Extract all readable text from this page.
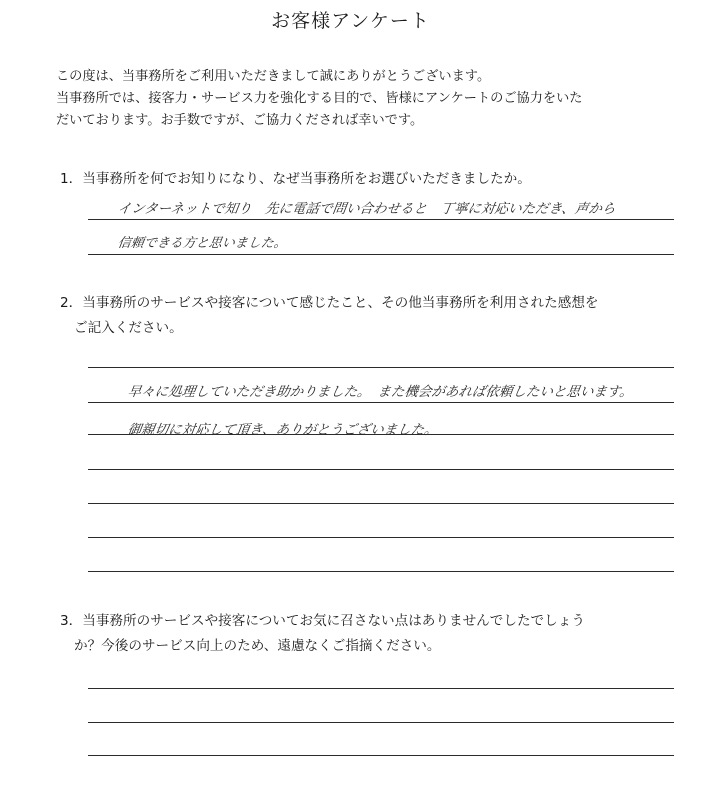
お客様アンケート
この度は、当事務所をご利用いただきまして誠にありがとうございます。
当事務所では、接客力・サービス力を強化する目的で、皆様にアンケートのご協力をいた
だいております。お手数ですが、ご協力くだされば幸いです。
1．当事務所を何でお知りになり、なぜ当事務所をお選びいただきましたか。
インターネットで知り　先に電話で問い合わせると　丁寧に対応いただき、声から
信頼できる方と思いました。
2．当事務所のサービスや接客について感じたこと、その他当事務所を利用された感想を
ご記入ください。
早々に処理していただき助かりました。　また機会があれば依頼したいと思います。
御親切に対応して頂き、ありがとうございました。
3．当事務所のサービスや接客についてお気に召さない点はありませんでしたでしょう
か？今後のサービス向上のため、遠慮なくご指摘ください。
